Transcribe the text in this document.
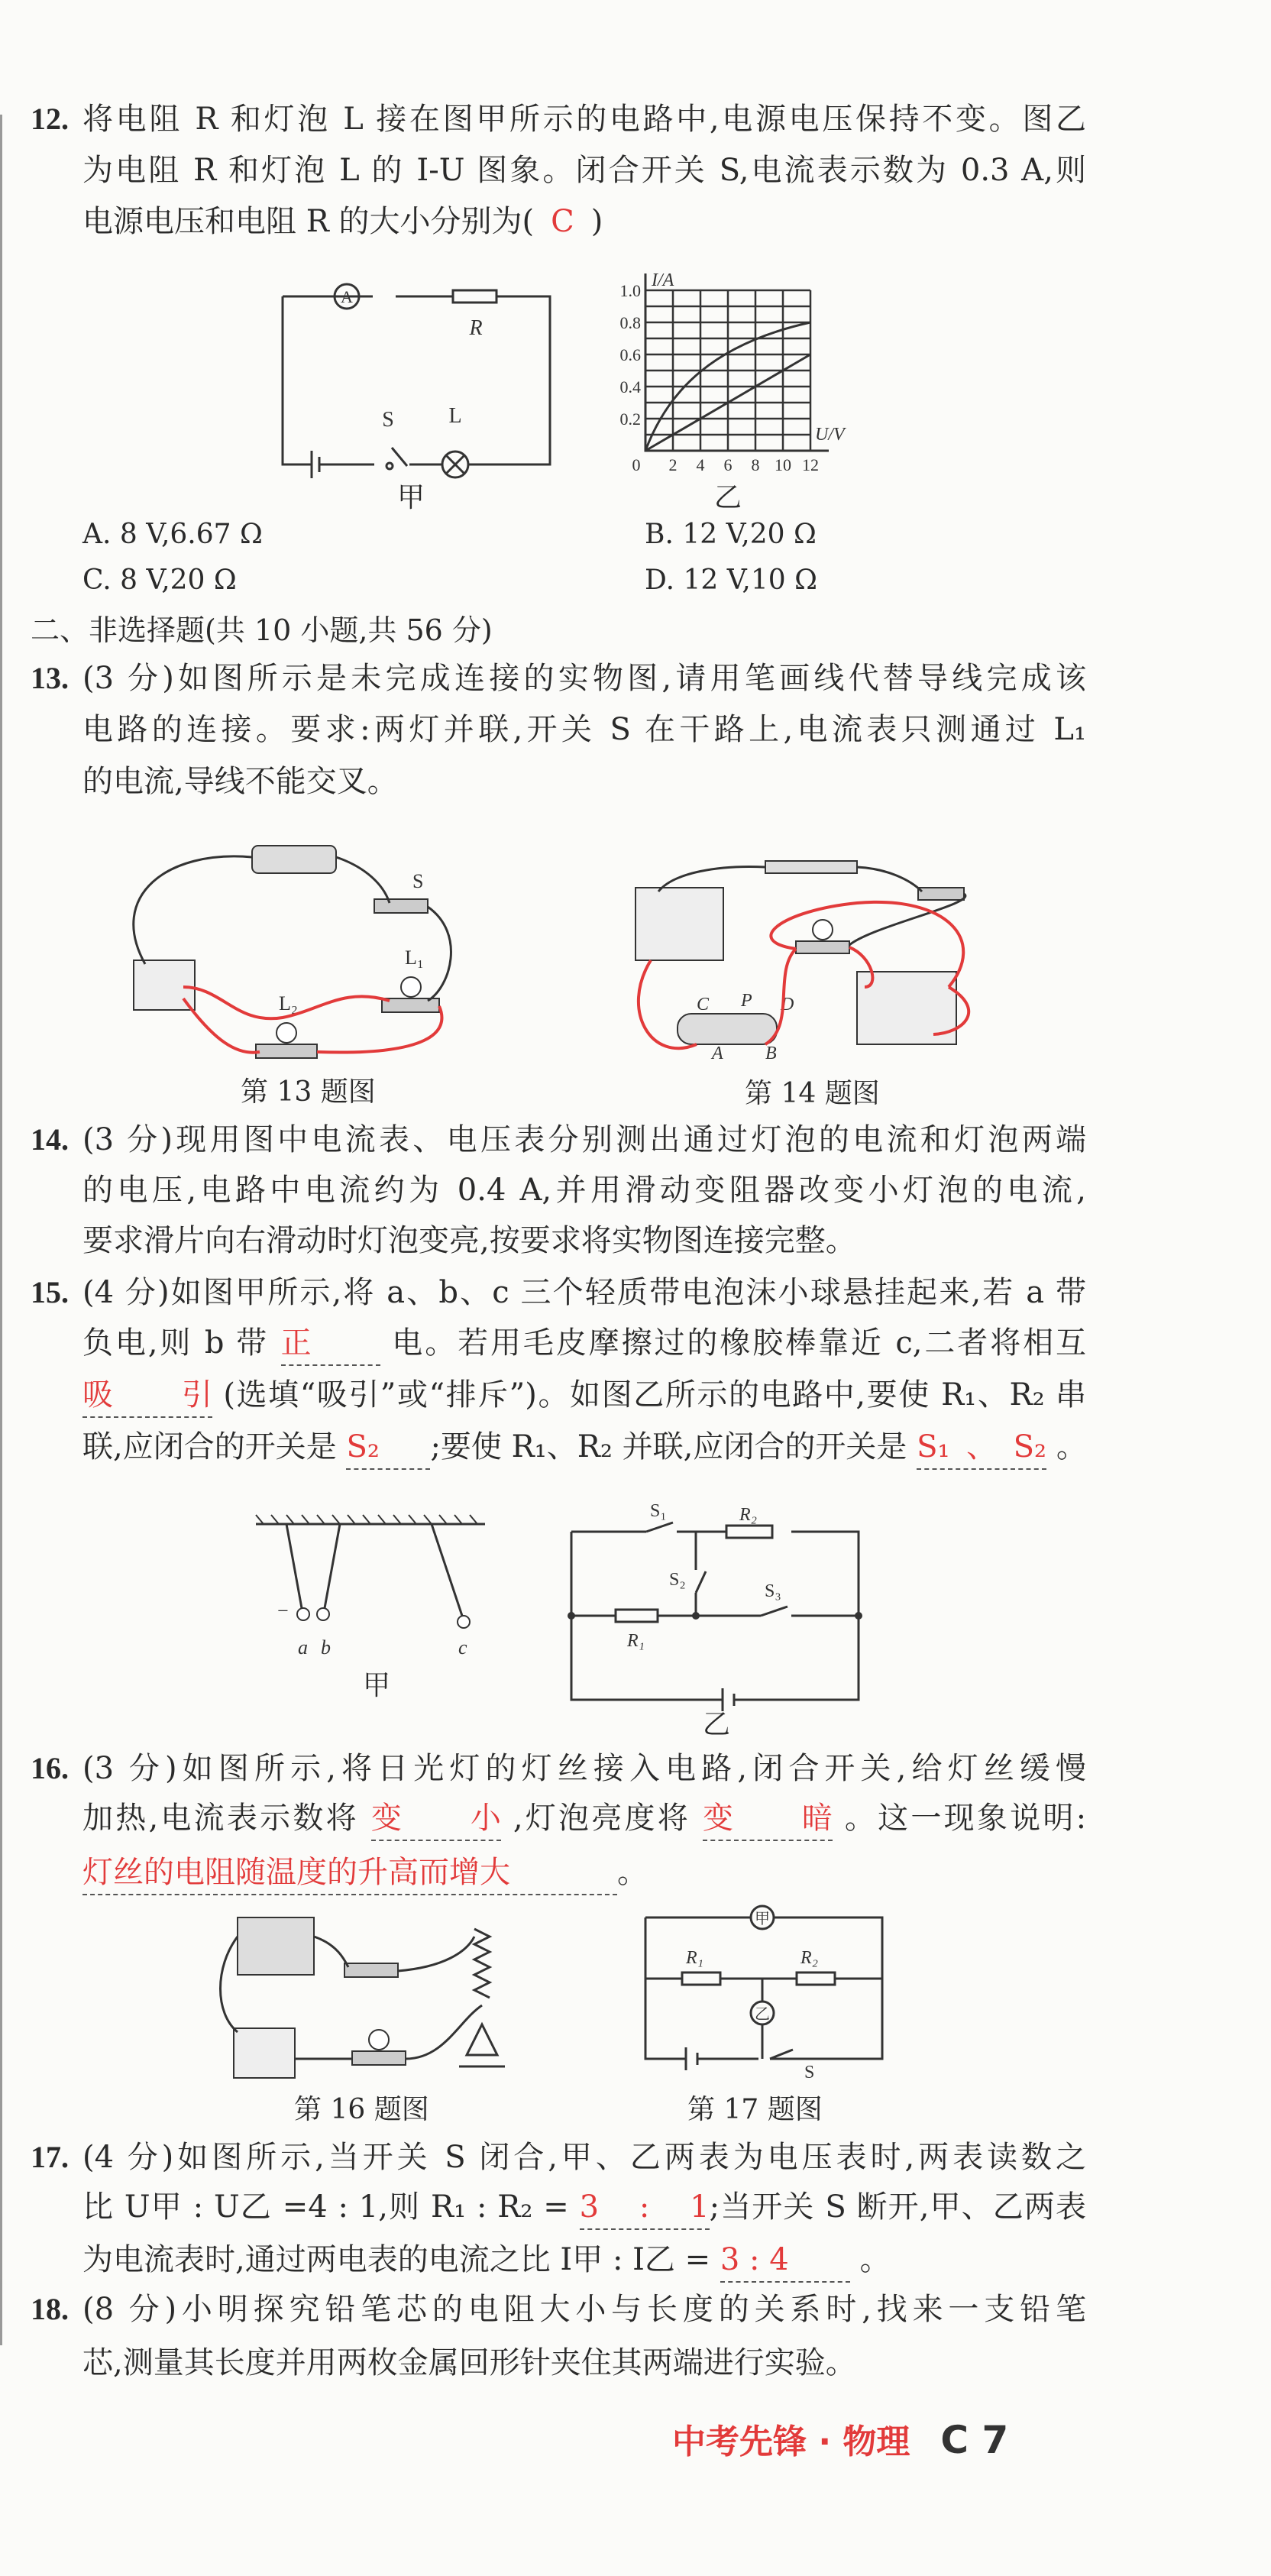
12. 将电阻 R 和灯泡 L 接在图甲所示的电路中,电源电压保持不变。图乙
为电阻 R 和灯泡 L 的 I-U 图象。闭合开关 S,电流表示数为 0.3 A,则
电源电压和电阻 R 的大小分别为( C )
A
R
S	L
甲
I/A
U/V
1.0
0.8
0.6
0.4
0.2
0 2 4 6 8 10 12
乙
A. 8 V,6.67 Ω	B. 12 V,20 Ω
C. 8 V,20 Ω	D. 12 V,10 Ω
二、非选择题(共 10 小题,共 56 分)
13. (3 分)如图所示是未完成连接的实物图,请用笔画线代替导线完成该
电路的连接。要求:两灯并联,开关 S 在干路上,电流表只测通过 L₁
的电流,导线不能交叉。
S
L₁
L₂
第 13 题图
P
C	D
A B
第 14 题图
14. (3 分)现用图中电流表、电压表分别测出通过灯泡的电流和灯泡两端
的电压,电路中电流约为 0.4 A,并用滑动变阻器改变小灯泡的电流,
要求滑片向右滑动时灯泡变亮,按要求将实物图连接完整。
15. (4 分)如图甲所示,将 a、b、c 三个轻质带电泡沫小球悬挂起来,若 a 带
负电,则 b 带 正	电。若用毛皮摩擦过的橡胶棒靠近 c,二者将相互
吸引 (选填“吸引”或“排斥”)。如图乙所示的电路中,要使 R₁、R₂ 串
联,应闭合的开关是 S₂ ;要使 R₁、R₂ 并联,应闭合的开关是 S₁、S₂ 。
−
a b	c
甲
S₁
S₂
S₃
R₂
R₁
乙
16. (3 分)如图所示,将日光灯的灯丝接入电路,闭合开关,给灯丝缓慢
加热,电流表示数将 变小 ,灯泡亮度将 变暗 。这一现象说明:
灯丝的电阻随温度的升高而增大	。
第 16 题图
甲
乙
R₁	R₂
S
第 17 题图
17. (4 分)如图所示,当开关 S 闭合,甲、乙两表为电压表时,两表读数之
比 U甲 : U乙 =4 : 1,则 R₁ : R₂ = 3 : 1;当开关 S 断开,甲、乙两表
为电流表时,通过两电表的电流之比 I甲 : I乙 = 3 : 4 。
18. (8 分)小明探究铅笔芯的电阻大小与长度的关系时,找来一支铅笔
芯,测量其长度并用两枚金属回形针夹住其两端进行实验。
中考先锋 · 物理 C 7
